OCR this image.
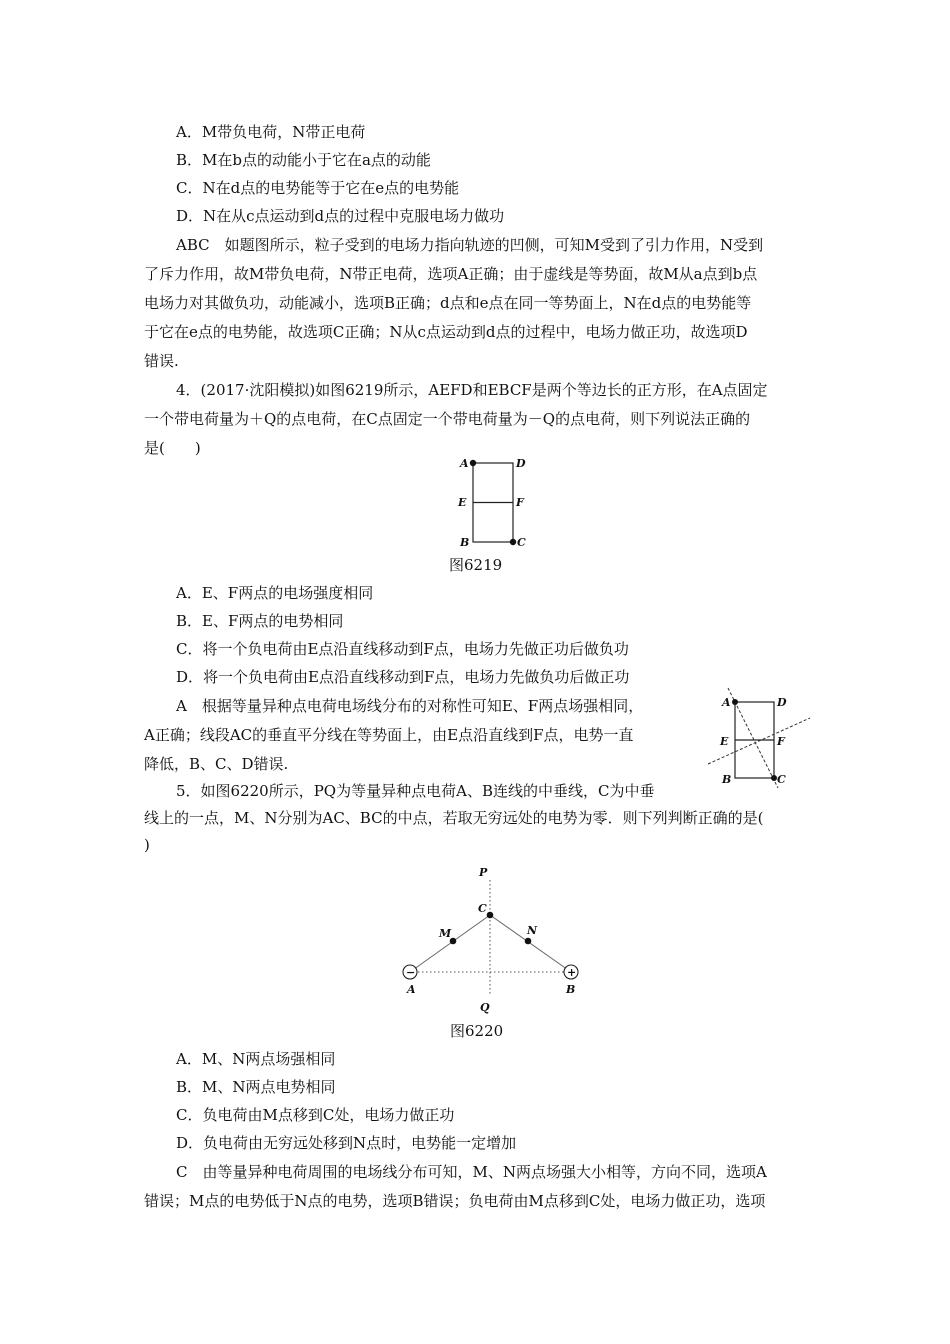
A．M带负电荷，N带正电荷
B．M在b点的动能小于它在a点的动能
C．N在d点的电势能等于它在e点的电势能
D．N在从c点运动到d点的过程中克服电场力做功
ABC　如题图所示，粒子受到的电场力指向轨迹的凹侧，可知M受到了引力作用，N受到
了斥力作用，故M带负电荷，N带正电荷，选项A正确；由于虚线是等势面，故M从a点到b点
电场力对其做负功，动能减小，选项B正确；d点和e点在同一等势面上，N在d点的电势能等
于它在e点的电势能，故选项C正确；N从c点运动到d点的过程中，电场力做正功，故选项D
错误.
4．(2017·沈阳模拟)如图6219所示，AEFD和EBCF是两个等边长的正方形，在A点固定
一个带电荷量为＋Q的点电荷，在C点固定一个带电荷量为－Q的点电荷，则下列说法正确的
是(　　)
A	D
E	F
B	C
图6219
A．E、F两点的电场强度相同
B．E、F两点的电势相同
C．将一个负电荷由E点沿直线移动到F点，电场力先做正功后做负功
D．将一个负电荷由E点沿直线移动到F点，电场力先做负功后做正功
A　根据等量异种点电荷电场线分布的对称性可知E、F两点场强相同，
A正确；线段AC的垂直平分线在等势面上，由E点沿直线到F点，电势一直
降低，B、C、D错误.
A	D
E	F
B	C
5．如图6220所示，PQ为等量异种点电荷A、B连线的中垂线，C为中垂
线上的一点，M、N分别为AC、BC的中点，若取无穷远处的电势为零．则下列判断正确的是(
)
−	+
P
C
M	N
A	B
Q
图6220
A．M、N两点场强相同
B．M、N两点电势相同
C．负电荷由M点移到C处，电场力做正功
D．负电荷由无穷远处移到N点时，电势能一定增加
C　由等量异种电荷周围的电场线分布可知，M、N两点场强大小相等，方向不同，选项A
错误；M点的电势低于N点的电势，选项B错误；负电荷由M点移到C处，电场力做正功，选项
